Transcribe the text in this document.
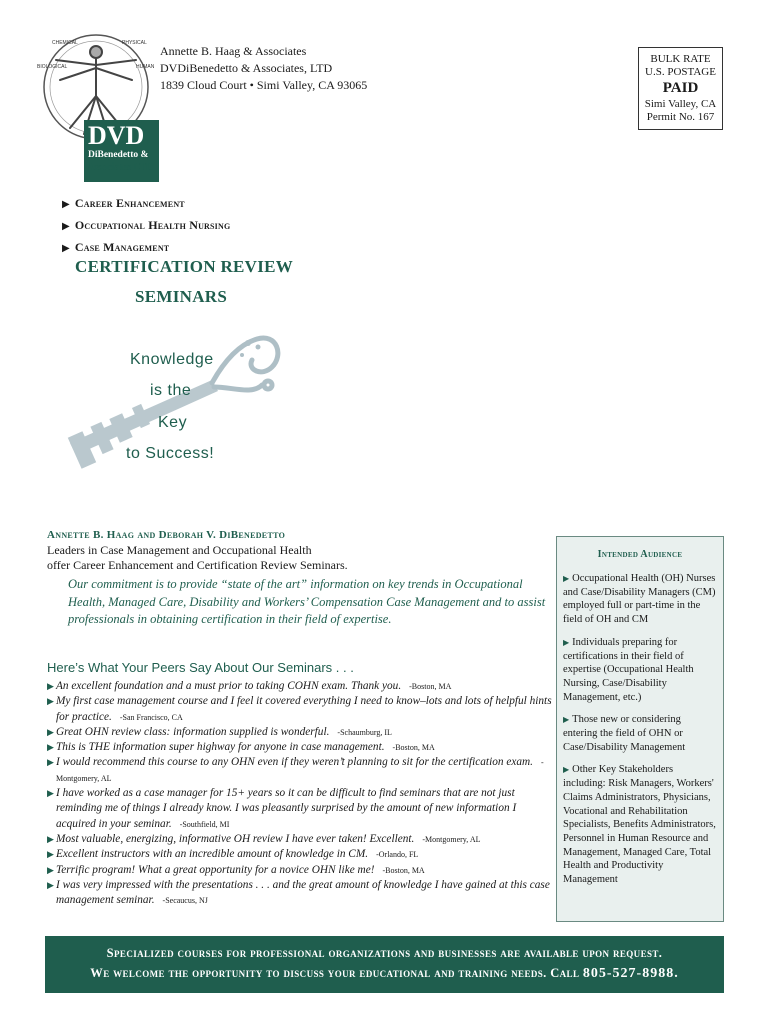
CHEMICAL	PHYSICAL
BIOLOGICAL	HUMAN
DVD
DiBenedetto &
Associates LTD
Annette B. Haag & Associates
DVDiBenedetto & Associates, LTD
1839 Cloud Court • Simi Valley, CA 93065
BULK RATE
U.S. POSTAGE
PAID
Simi Valley, CA
Permit No. 167
▶ Career Enhancement
▶ Occupational Health Nursing
▶ Case Management
CERTIFICATION REVIEW
SEMINARS
Knowledge
is the
Key
to Success!
Annette B. Haag and Deborah V. DiBenedetto
Leaders in Case Management and Occupational Health
offer Career Enhancement and Certification Review Seminars.
Our commitment is to provide “state of the art” information on key trends in Occupational Health, Managed Care, Disability and Workers’ Compensation Case Management and to assist professionals in obtaining certification in their field of expertise.
Here’s What Your Peers Say About Our Seminars . . .
▶ An excellent foundation and a must prior to taking COHN exam. Thank you. -Boston, MA
▶ My first case management course and I feel it covered everything I need to know–lots and lots of helpful hints for practice. -San Francisco, CA
▶ Great OHN review class: information supplied is wonderful. -Schaumburg, IL
▶ This is THE information super highway for anyone in case management. -Boston, MA
▶ I would recommend this course to any OHN even if they weren’t planning to sit for the certification exam. -Montgomery, AL
▶ I have worked as a case manager for 15+ years so it can be difficult to find seminars that are not just reminding me of things I already know. I was pleasantly surprised by the amount of new information I acquired in your seminar. -Southfield, MI
▶ Most valuable, energizing, informative OH review I have ever taken! Excellent. -Montgomery, AL
▶ Excellent instructors with an incredible amount of knowledge in CM. -Orlando, FL
▶ Terrific program! What a great opportunity for a novice OHN like me! -Boston, MA
▶ I was very impressed with the presentations . . . and the great amount of knowledge I have gained at this case management seminar. -Secaucus, NJ
Intended Audience
▶ Occupational Health (OH) Nurses and Case/Disability Managers (CM) employed full or part-time in the field of OH and CM
▶ Individuals preparing for certifications in their field of expertise (Occupational Health Nursing, Case/Disability Management, etc.)
▶ Those new or considering entering the field of OHN or Case/Disability Management
▶ Other Key Stakeholders including: Risk Managers, Workers' Claims Administrators, Physicians, Vocational and Rehabilitation Specialists, Benefits Administrators, Personnel in Human Resource and Management, Managed Care, Total Health and Productivity Management
Specialized courses for professional organizations and businesses are available upon request.
We welcome the opportunity to discuss your educational and training needs. Call 805-527-8988.
